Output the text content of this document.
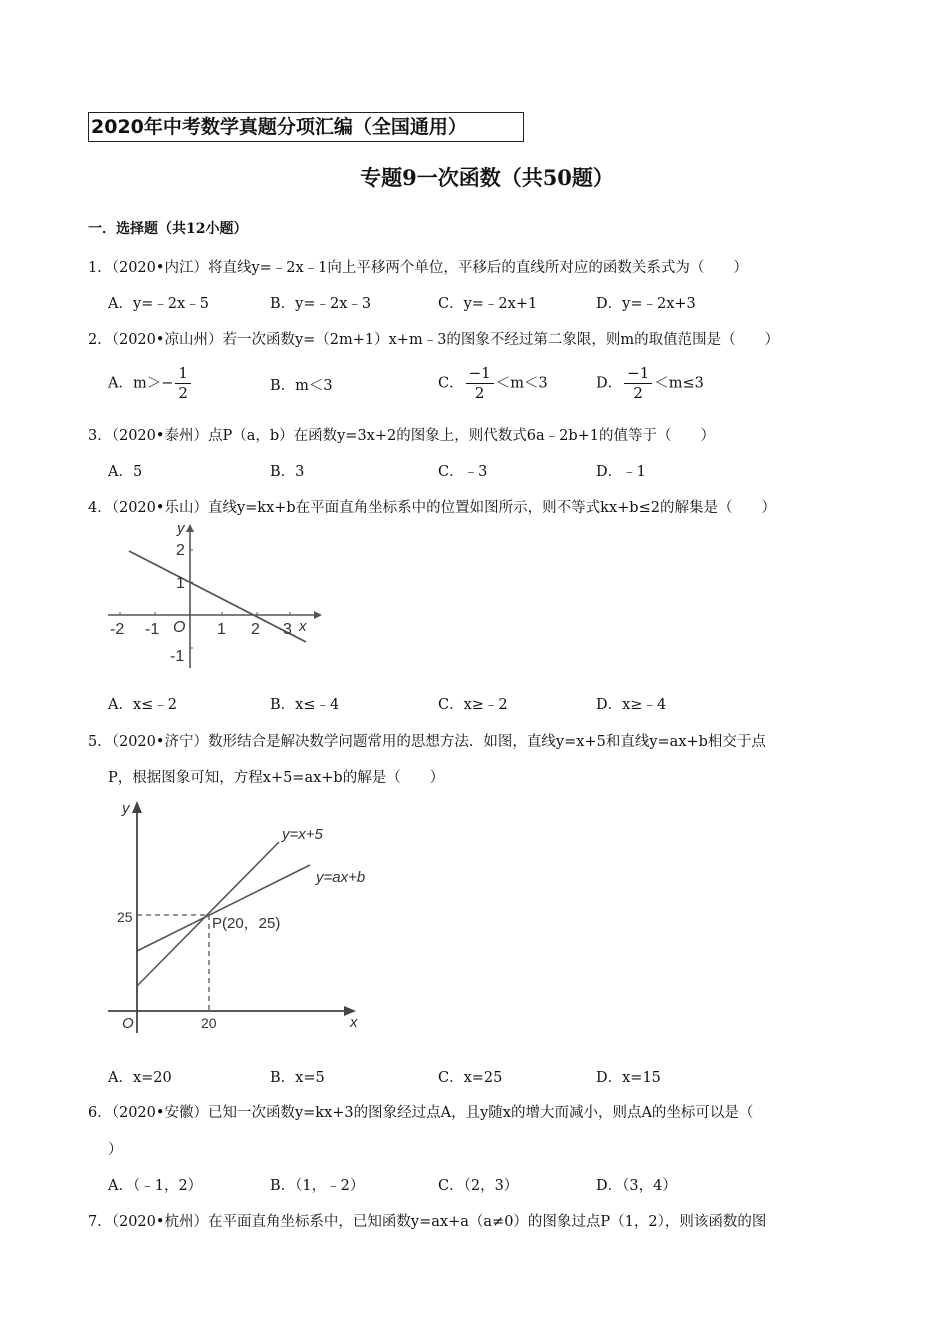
2020年中考数学真题分项汇编（全国通用）
专题9一次函数（共50题）
一．选择题（共12小题）
1．（2020•内江）将直线y=﹣2x﹣1向上平移两个单位，平移后的直线所对应的函数关系式为（　　）
A．y=﹣2x﹣5	B．y=﹣2x﹣3	C．y=﹣2x+1	D．y=﹣2x+3
2．（2020•凉山州）若一次函数y=（2m+1）x+m﹣3的图象不经过第二象限，则m的取值范围是（　　）
A．$m>- \frac{1}{2}$	B．m＜3	C． $\frac{-1}{2} <m<3$	D． $\frac{-1}{2} <m\le 3$
3．（2020•泰州）点P（a，b）在函数y=3x+2的图象上，则代数式6a﹣2b+1的值等于（　　）
A．5	B．3	C．﹣3	D．﹣1
4．（2020•乐山）直线y=kx+b在平面直角坐标系中的位置如图所示，则不等式kx+b≤2的解集是（　　）
-2 -1 O 1 2 3 x
y
2
1
-1
A．x≤﹣2	B．x≤﹣4	C．x≥﹣2	D．x≥﹣4
5．（2020•济宁）数形结合是解决数学问题常用的思想方法．如图，直线y=x+5和直线y=ax+b相交于点
P，根据图象可知，方程x+5=ax+b的解是（　　）
y
y=x+5
y=ax+b
25	P(20，25)
O	20	x
A．x=20	B．x=5	C．x=25	D．x=15
6．（2020•安徽）已知一次函数y=kx+3的图象经过点A，且y随x的增大而减小，则点A的坐标可以是（
）
A．（﹣1，2）	B．（1，﹣2）	C．（2，3）	D．（3，4）
7．（2020•杭州）在平面直角坐标系中，已知函数y=ax+a（a≠0）的图象过点P（1，2），则该函数的图
